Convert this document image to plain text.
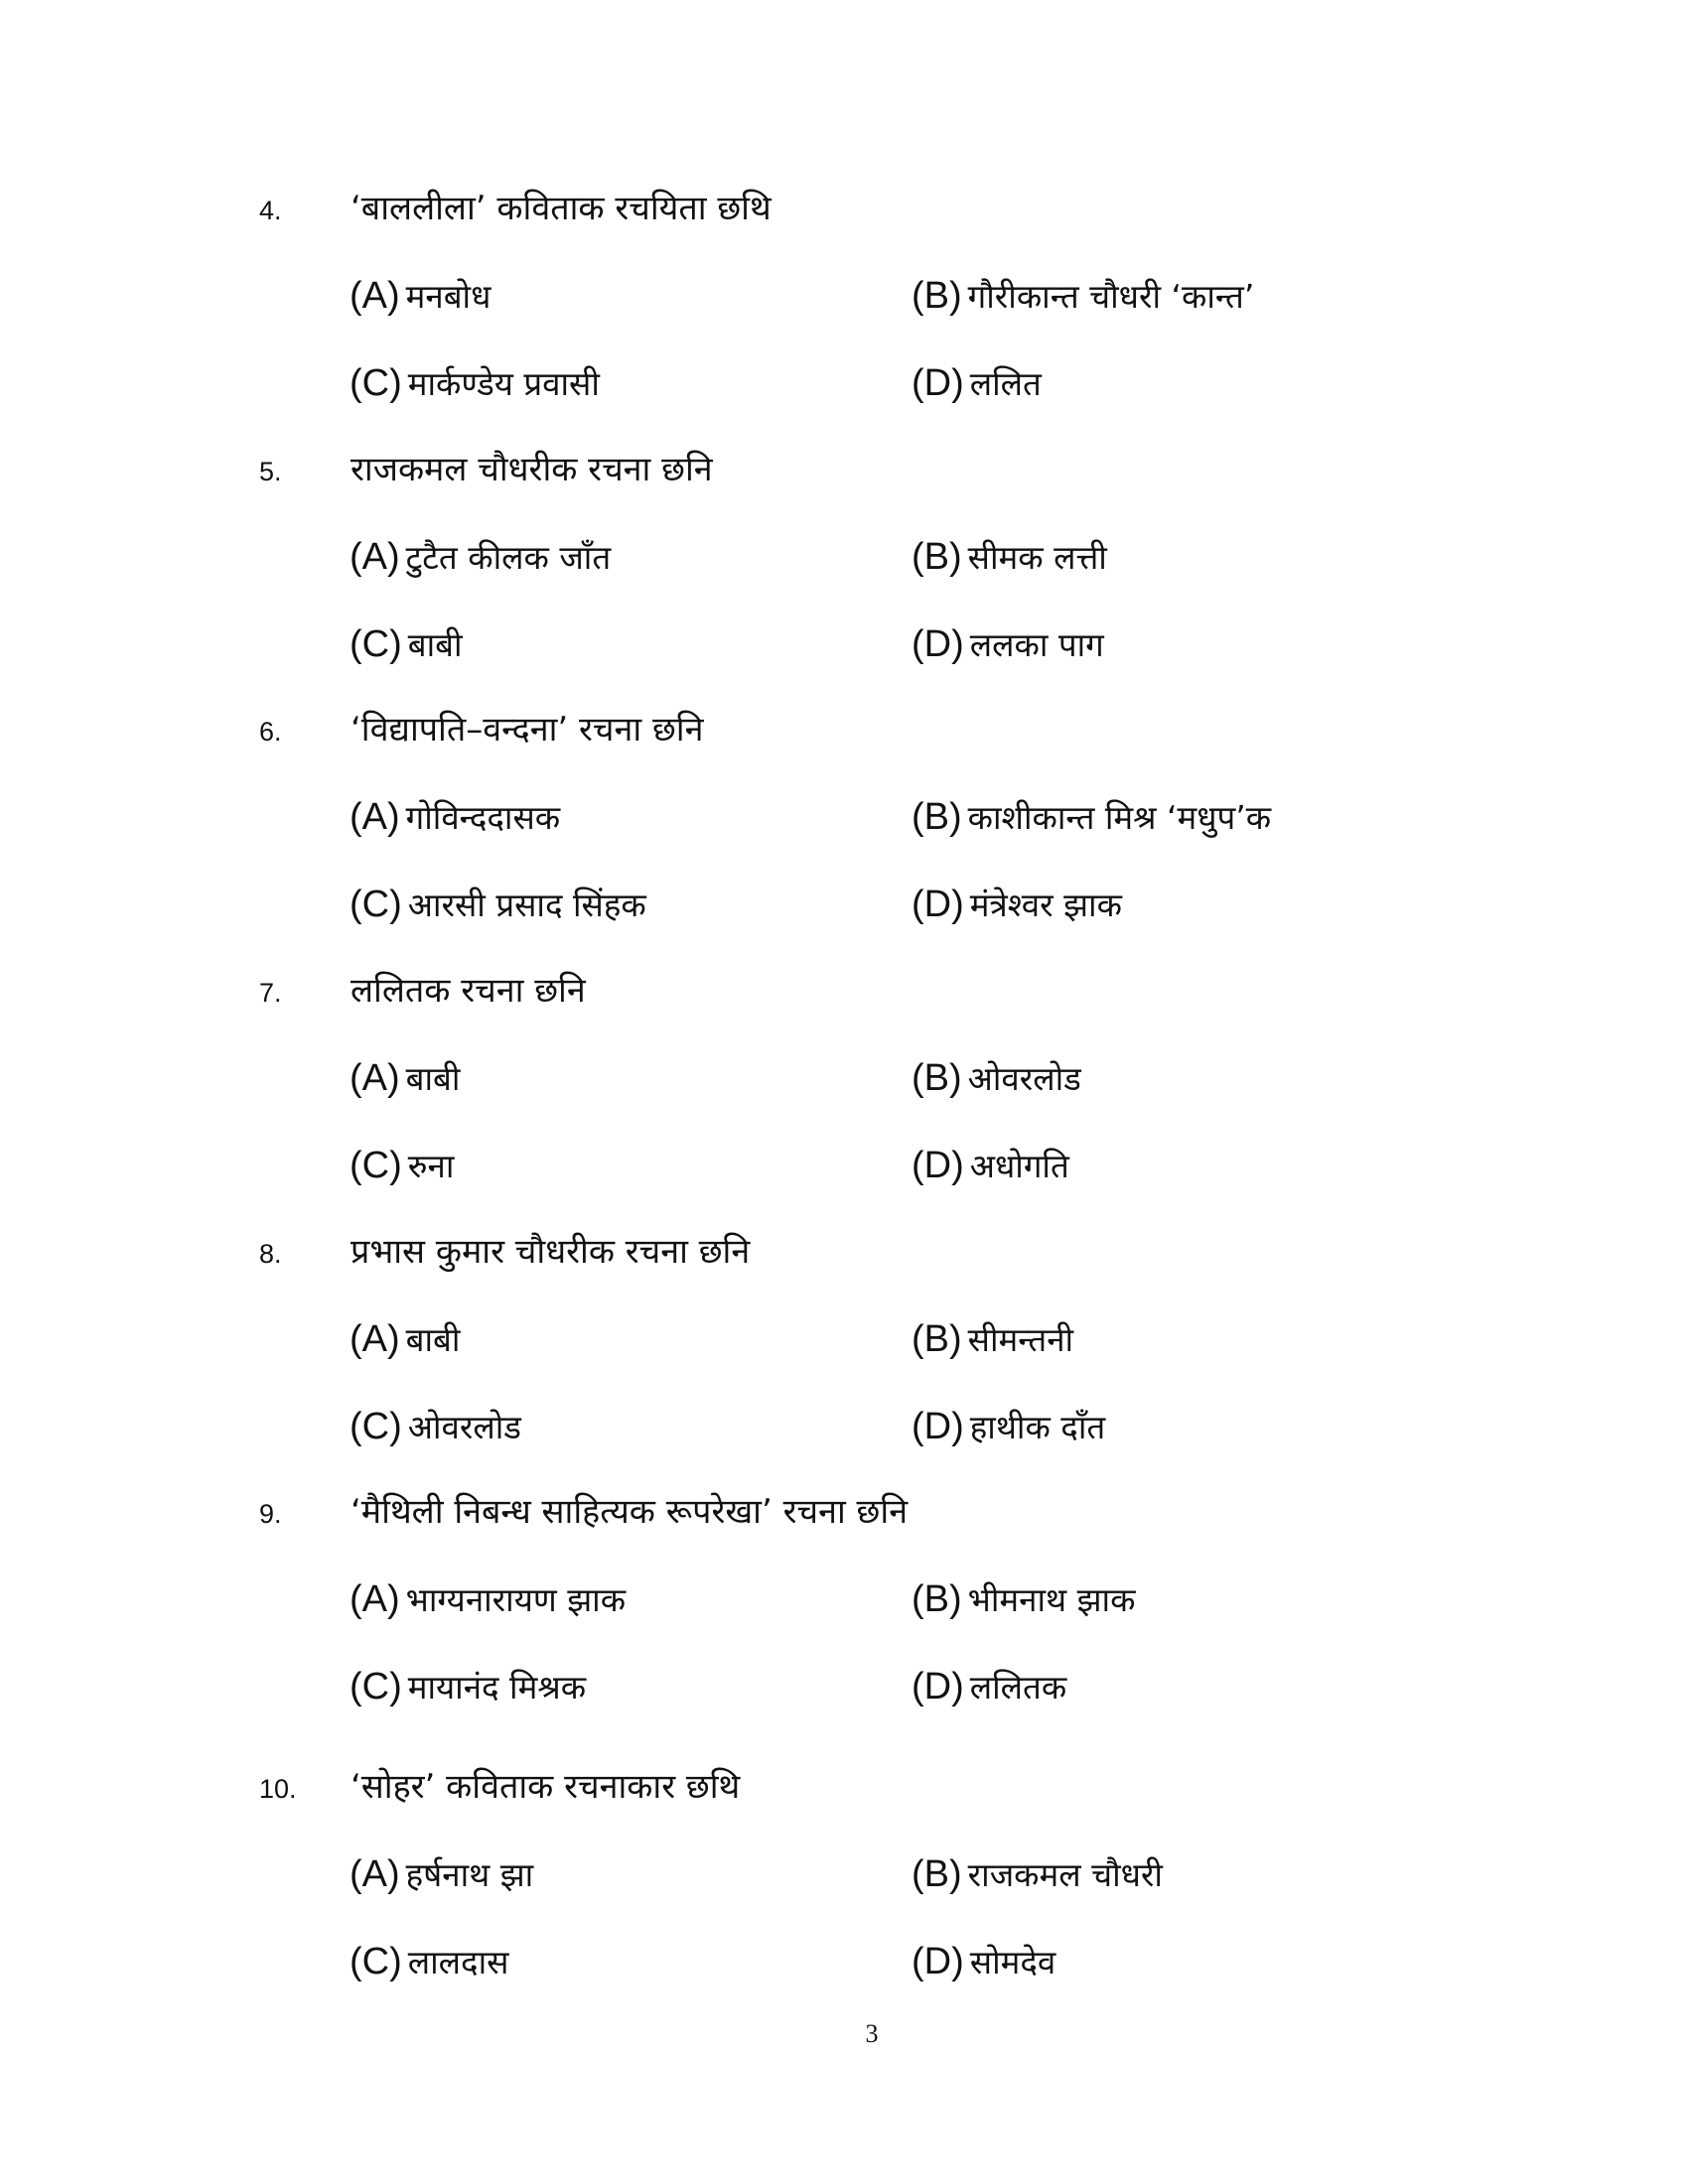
4. ‘बाललीला’ कविताक रचयिता छथि
(A) मनबोध	(B) गौरीकान्त चौधरी ‘कान्त’
(C) मार्कण्डेय प्रवासी	(D) ललित
5. राजकमल चौधरीक रचना छनि
(A) टुटैत कीलक जाँत	(B) सीमक लत्ती
(C) बाबी	(D) ललका पाग
6. ‘विद्यापति–वन्दना’ रचना छनि
(A) गोविन्ददासक	(B) काशीकान्त मिश्र ‘मधुप’क
(C) आरसी प्रसाद सिंहक	(D) मंत्रेश्वर झाक
7. ललितक रचना छनि
(A) बाबी	(B) ओवरलोड
(C) रुना	(D) अधोगति
8. प्रभास कुमार चौधरीक रचना छनि
(A) बाबी	(B) सीमन्तनी
(C) ओवरलोड	(D) हाथीक दाँत
9. ‘मैथिली निबन्ध साहित्यक रूपरेखा’ रचना छनि
(A) भाग्यनारायण झाक	(B) भीमनाथ झाक
(C) मायानंद मिश्रक	(D) ललितक
10. ‘सोहर’ कविताक रचनाकार छथि
(A) हर्षनाथ झा	(B) राजकमल चौधरी
(C) लालदास	(D) सोमदेव
3
